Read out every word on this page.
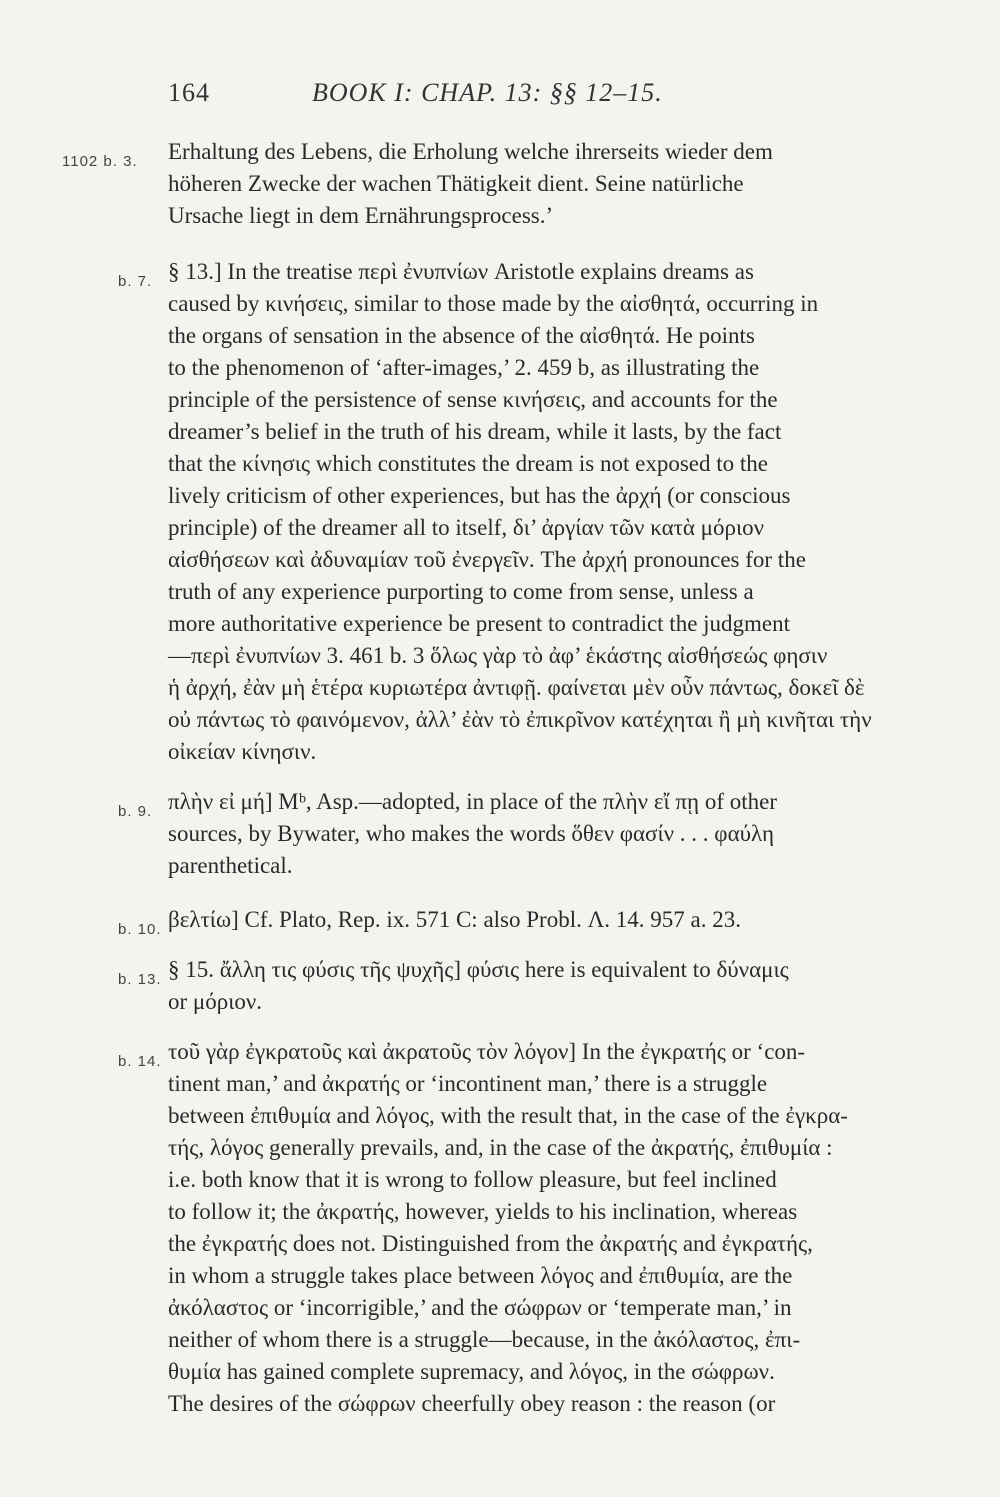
164	BOOK I: CHAP. 13: §§ 12–15.
1102 b. 3. Erhaltung des Lebens, die Erholung welche ihrerseits wieder dem
höheren Zwecke der wachen Thätigkeit dient. Seine natürliche
Ursache liegt in dem Ernährungsprocess.’
b. 7. § 13.] In the treatise περὶ ἐνυπνίων Aristotle explains dreams as
caused by κινήσεις, similar to those made by the αἰσθητά, occurring in
the organs of sensation in the absence of the αἰσθητά. He points
to the phenomenon of ‘after-images,’ 2. 459 b, as illustrating the
principle of the persistence of sense κινήσεις, and accounts for the
dreamer’s belief in the truth of his dream, while it lasts, by the fact
that the κίνησις which constitutes the dream is not exposed to the
lively criticism of other experiences, but has the ἀρχή (or conscious
principle) of the dreamer all to itself, δι’ ἀργίαν τῶν κατὰ μόριον
αἰσθήσεων καὶ ἀδυναμίαν τοῦ ἐνεργεῖν. The ἀρχή pronounces for the
truth of any experience purporting to come from sense, unless a
more authoritative experience be present to contradict the judgment
—περὶ ἐνυπνίων 3. 461 b. 3 ὅλως γὰρ τὸ ἀφ’ ἑκάστης αἰσθήσεώς φησιν
ἡ ἀρχή, ἐὰν μὴ ἑτέρα κυριωτέρα ἀντιφῇ. φαίνεται μὲν οὖν πάντως, δοκεῖ δὲ
οὐ πάντως τὸ φαινόμενον, ἀλλ’ ἐὰν τὸ ἐπικρῖνον κατέχηται ἢ μὴ κινῆται τὴν
οἰκείαν κίνησιν.
b. 9. πλὴν εἰ μή] Mᵇ, Asp.—adopted, in place of the πλὴν εἴ πῃ of other
sources, by Bywater, who makes the words ὅθεν φασίν . . . φαύλη
parenthetical.
b. 10. βελτίω] Cf. Plato, Rep. ix. 571 C: also Probl. Λ. 14. 957 a. 23.
b. 13. § 15. ἄλλη τις φύσις τῆς ψυχῆς] φύσις here is equivalent to δύναμις
or μόριον.
b. 14. τοῦ γὰρ ἐγκρατοῦς καὶ ἀκρατοῦς τὸν λόγον] In the ἐγκρατής or ‘con-
tinent man,’ and ἀκρατής or ‘incontinent man,’ there is a struggle
between ἐπιθυμία and λόγος, with the result that, in the case of the ἐγκρα-
τής, λόγος generally prevails, and, in the case of the ἀκρατής, ἐπιθυμία :
i.e. both know that it is wrong to follow pleasure, but feel inclined
to follow it; the ἀκρατής, however, yields to his inclination, whereas
the ἐγκρατής does not. Distinguished from the ἀκρατής and ἐγκρατής,
in whom a struggle takes place between λόγος and ἐπιθυμία, are the
ἀκόλαστος or ‘incorrigible,’ and the σώφρων or ‘temperate man,’ in
neither of whom there is a struggle—because, in the ἀκόλαστος, ἐπι-
θυμία has gained complete supremacy, and λόγος, in the σώφρων.
The desires of the σώφρων cheerfully obey reason : the reason (or
